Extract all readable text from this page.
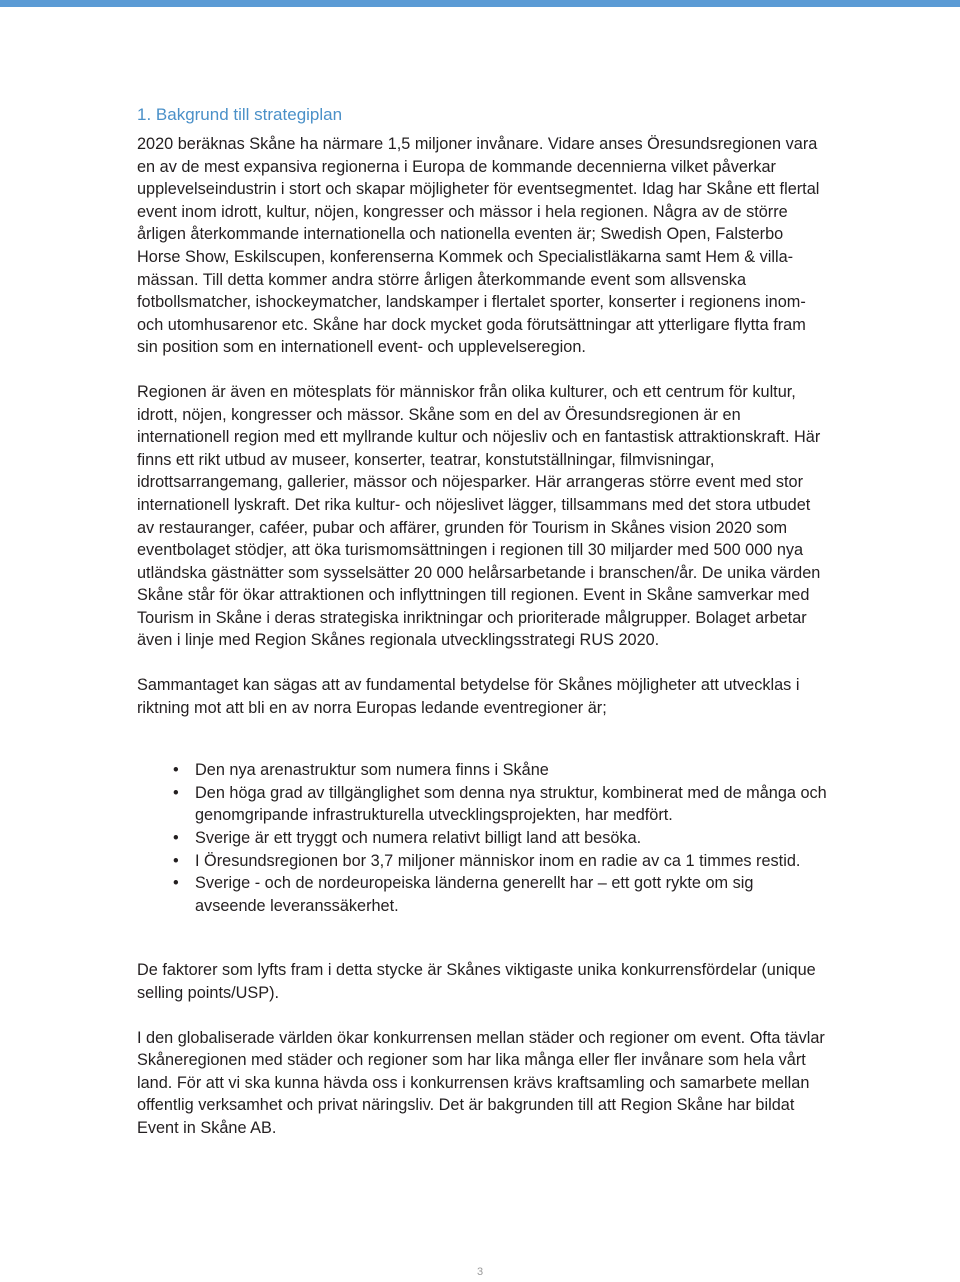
1. Bakgrund till strategiplan

2020 beräknas Skåne ha närmare 1,5 miljoner invånare. Vidare anses Öresundsregionen vara en av de mest expansiva regionerna i Europa de kommande decennierna vilket påverkar upplevelseindustrin i stort och skapar möjligheter för eventsegmentet. Idag har Skåne ett flertal event inom idrott, kultur, nöjen, kongresser och mässor i hela regionen. Några av de större årligen återkommande internationella och nationella eventen är; Swedish Open, Falsterbo Horse Show, Eskilscupen, konferenserna Kommek och Specialistläkarna samt Hem & villa-mässan. Till detta kommer andra större årligen återkommande event som allsvenska fotbollsmatcher, ishockeymatcher, landskamper i flertalet sporter, konserter i regionens inom- och utomhusarenor etc. Skåne har dock mycket goda förutsättningar att ytterligare flytta fram sin position som en internationell event- och upplevelseregion.

Regionen är även en mötesplats för människor från olika kulturer, och ett centrum för kultur, idrott, nöjen, kongresser och mässor. Skåne som en del av Öresundsregionen är en internationell region med ett myllrande kultur och nöjesliv och en fantastisk attraktionskraft. Här finns ett rikt utbud av museer, konserter, teatrar, konstutställningar, filmvisningar, idrottsarrangemang, gallerier, mässor och nöjesparker. Här arrangeras större event med stor internationell lyskraft. Det rika kultur- och nöjeslivet lägger, tillsammans med det stora utbudet av restauranger, caféer, pubar och affärer, grunden för Tourism in Skånes vision 2020 som eventbolaget stödjer, att öka turismomsättningen i regionen till 30 miljarder med 500 000 nya utländska gästnätter som sysselsätter 20 000 helårsarbetande i branschen/år. De unika värden Skåne står för ökar attraktionen och inflyttningen till regionen. Event in Skåne samverkar med Tourism in Skåne i deras strategiska inriktningar och prioriterade målgrupper. Bolaget arbetar även i linje med Region Skånes regionala utvecklingsstrategi RUS 2020.

Sammantaget kan sägas att av fundamental betydelse för Skånes möjligheter att utvecklas i riktning mot att bli en av norra Europas ledande eventregioner är;

• Den nya arenastruktur som numera finns i Skåne
• Den höga grad av tillgänglighet som denna nya struktur, kombinerat med de många och genomgripande infrastrukturella utvecklingsprojekten, har medfört.
• Sverige är ett tryggt och numera relativt billigt land att besöka.
• I Öresundsregionen bor 3,7 miljoner människor inom en radie av ca 1 timmes restid.
• Sverige - och de nordeuropeiska länderna generellt har – ett gott rykte om sig avseende leveranssäkerhet.

De faktorer som lyfts fram i detta stycke är Skånes viktigaste unika konkurrensfördelar (unique selling points/USP).

I den globaliserade världen ökar konkurrensen mellan städer och regioner om event. Ofta tävlar Skåneregionen med städer och regioner som har lika många eller fler invånare som hela vårt land. För att vi ska kunna hävda oss i konkurrensen krävs kraftsamling och samarbete mellan offentlig verksamhet och privat näringsliv. Det är bakgrunden till att Region Skåne har bildat Event in Skåne AB.

3
